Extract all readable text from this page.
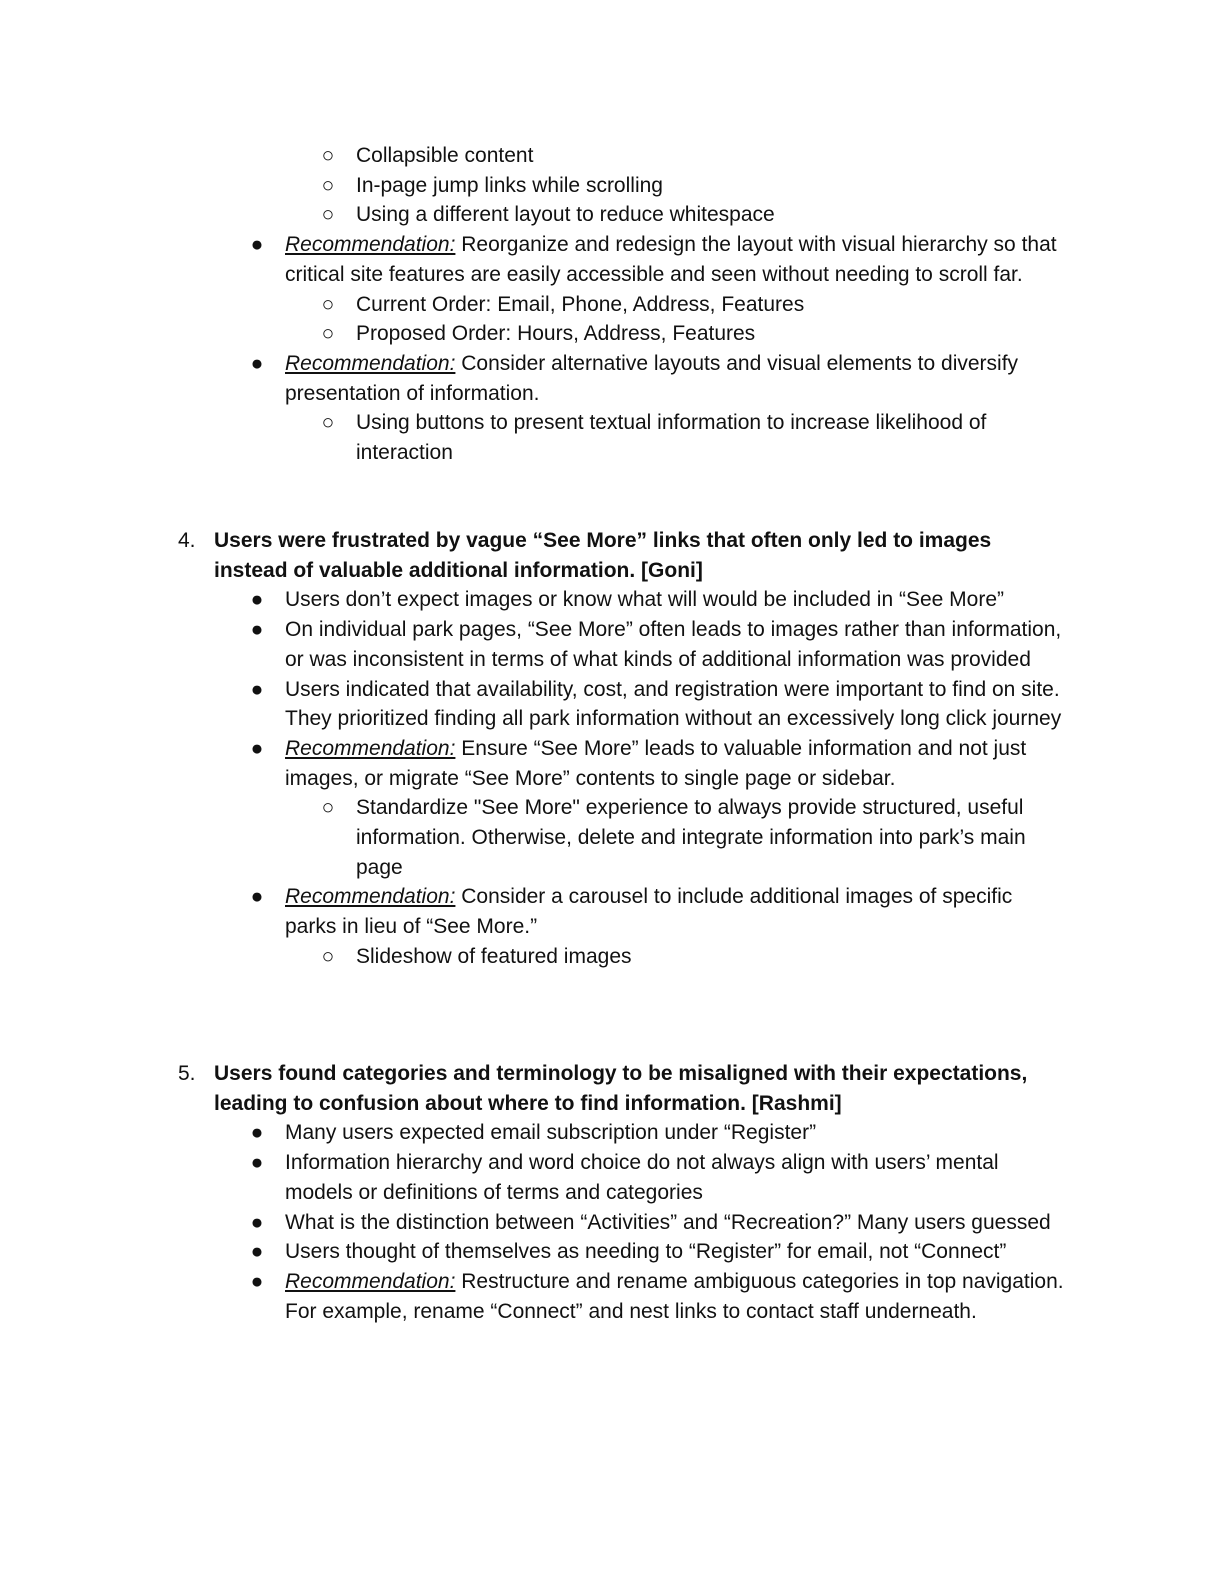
○ Collapsible content
○ In-page jump links while scrolling
○ Using a different layout to reduce whitespace
● Recommendation: Reorganize and redesign the layout with visual hierarchy so that critical site features are easily accessible and seen without needing to scroll far.
○ Current Order: Email, Phone, Address, Features
○ Proposed Order: Hours, Address, Features
● Recommendation: Consider alternative layouts and visual elements to diversify presentation of information.
○ Using buttons to present textual information to increase likelihood of interaction
4. Users were frustrated by vague “See More” links that often only led to images instead of valuable additional information. [Goni]
● Users don’t expect images or know what will would be included in “See More”
● On individual park pages, “See More” often leads to images rather than information, or was inconsistent in terms of what kinds of additional information was provided
● Users indicated that availability, cost, and registration were important to find on site. They prioritized finding all park information without an excessively long click journey
● Recommendation: Ensure “See More” leads to valuable information and not just images, or migrate “See More” contents to single page or sidebar.
○ Standardize "See More" experience to always provide structured, useful information. Otherwise, delete and integrate information into park’s main page
● Recommendation: Consider a carousel to include additional images of specific parks in lieu of “See More.”
○ Slideshow of featured images
5. Users found categories and terminology to be misaligned with their expectations, leading to confusion about where to find information. [Rashmi]
● Many users expected email subscription under “Register”
● Information hierarchy and word choice do not always align with users’ mental models or definitions of terms and categories
● What is the distinction between “Activities” and “Recreation?” Many users guessed
● Users thought of themselves as needing to “Register” for email, not “Connect”
● Recommendation: Restructure and rename ambiguous categories in top navigation. For example, rename “Connect” and nest links to contact staff underneath.
